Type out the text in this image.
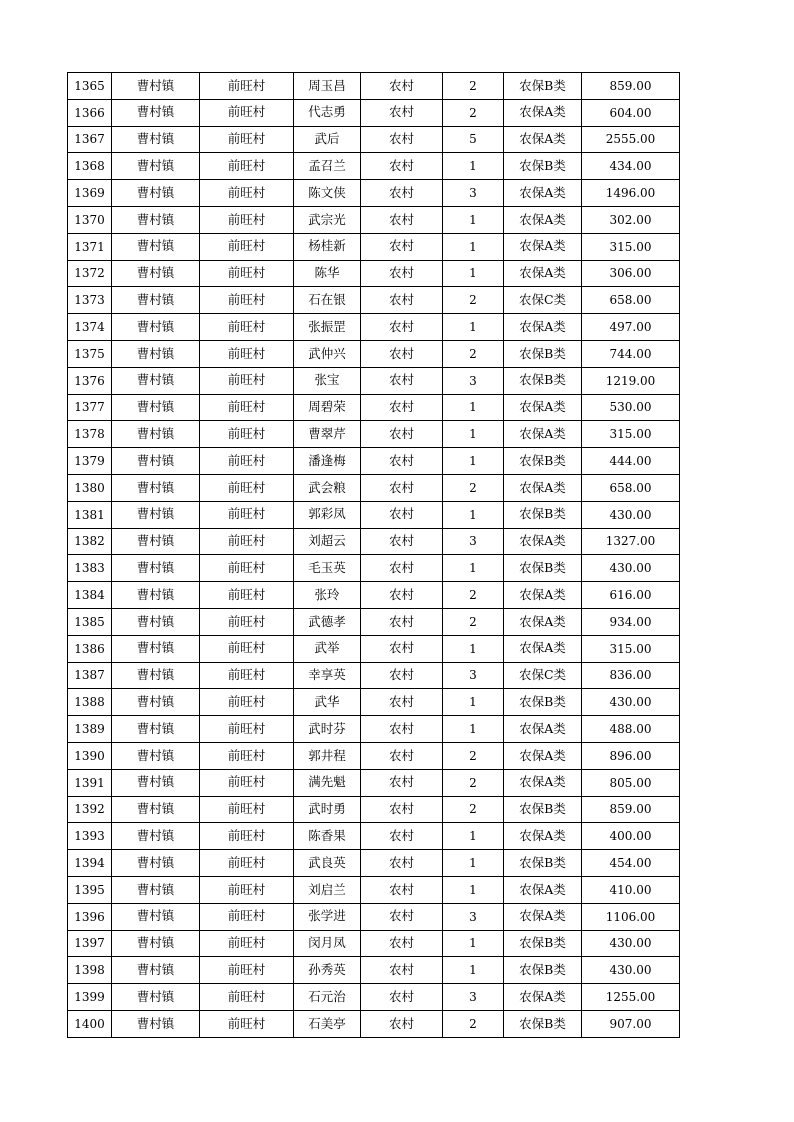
1365	曹村镇	前旺村	周玉昌	农村	2	农保B类	859.00
1366	曹村镇	前旺村	代志勇	农村	2	农保A类	604.00
1367	曹村镇	前旺村	武后	农村	5	农保A类	2555.00
1368	曹村镇	前旺村	孟召兰	农村	1	农保B类	434.00
1369	曹村镇	前旺村	陈文侠	农村	3	农保A类	1496.00
1370	曹村镇	前旺村	武宗光	农村	1	农保A类	302.00
1371	曹村镇	前旺村	杨桂新	农村	1	农保A类	315.00
1372	曹村镇	前旺村	陈华	农村	1	农保A类	306.00
1373	曹村镇	前旺村	石在银	农村	2	农保C类	658.00
1374	曹村镇	前旺村	张振罡	农村	1	农保A类	497.00
1375	曹村镇	前旺村	武仲兴	农村	2	农保B类	744.00
1376	曹村镇	前旺村	张宝	农村	3	农保B类	1219.00
1377	曹村镇	前旺村	周碧荣	农村	1	农保A类	530.00
1378	曹村镇	前旺村	曹翠芹	农村	1	农保A类	315.00
1379	曹村镇	前旺村	潘逢梅	农村	1	农保B类	444.00
1380	曹村镇	前旺村	武会粮	农村	2	农保A类	658.00
1381	曹村镇	前旺村	郭彩凤	农村	1	农保B类	430.00
1382	曹村镇	前旺村	刘超云	农村	3	农保A类	1327.00
1383	曹村镇	前旺村	毛玉英	农村	1	农保B类	430.00
1384	曹村镇	前旺村	张玲	农村	2	农保A类	616.00
1385	曹村镇	前旺村	武德孝	农村	2	农保A类	934.00
1386	曹村镇	前旺村	武举	农村	1	农保A类	315.00
1387	曹村镇	前旺村	幸享英	农村	3	农保C类	836.00
1388	曹村镇	前旺村	武华	农村	1	农保B类	430.00
1389	曹村镇	前旺村	武时芬	农村	1	农保A类	488.00
1390	曹村镇	前旺村	郭井程	农村	2	农保A类	896.00
1391	曹村镇	前旺村	满先魁	农村	2	农保A类	805.00
1392	曹村镇	前旺村	武时勇	农村	2	农保B类	859.00
1393	曹村镇	前旺村	陈香果	农村	1	农保A类	400.00
1394	曹村镇	前旺村	武良英	农村	1	农保B类	454.00
1395	曹村镇	前旺村	刘启兰	农村	1	农保A类	410.00
1396	曹村镇	前旺村	张学进	农村	3	农保A类	1106.00
1397	曹村镇	前旺村	闵月凤	农村	1	农保B类	430.00
1398	曹村镇	前旺村	孙秀英	农村	1	农保B类	430.00
1399	曹村镇	前旺村	石元治	农村	3	农保A类	1255.00
1400	曹村镇	前旺村	石美亭	农村	2	农保B类	907.00
